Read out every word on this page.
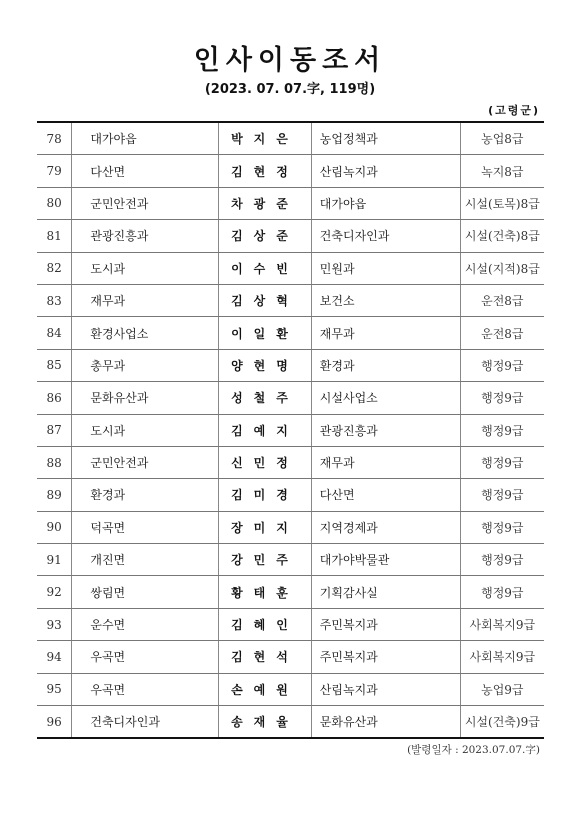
인사이동조서
(2023. 07. 07.字, 119명)
(고령군)
78	대가야읍	박지은	농업정책과	농업8급
79	다산면	김현정	산림녹지과	녹지8급
80	군민안전과	차광준	대가야읍	시설(토목)8급
81	관광진흥과	김상준	건축디자인과	시설(건축)8급
82	도시과	이수빈	민원과	시설(지적)8급
83	재무과	김상혁	보건소	운전8급
84	환경사업소	이일환	재무과	운전8급
85	총무과	양현명	환경과	행정9급
86	문화유산과	성철주	시설사업소	행정9급
87	도시과	김예지	관광진흥과	행정9급
88	군민안전과	신민정	재무과	행정9급
89	환경과	김미경	다산면	행정9급
90	덕곡면	장미지	지역경제과	행정9급
91	개진면	강민주	대가야박물관	행정9급
92	쌍림면	황태훈	기획감사실	행정9급
93	운수면	김혜인	주민복지과	사회복지9급
94	우곡면	김현석	주민복지과	사회복지9급
95	우곡면	손예원	산림녹지과	농업9급
96	건축디자인과	송재율	문화유산과	시설(건축)9급
(발령일자 : 2023.07.07.字)
